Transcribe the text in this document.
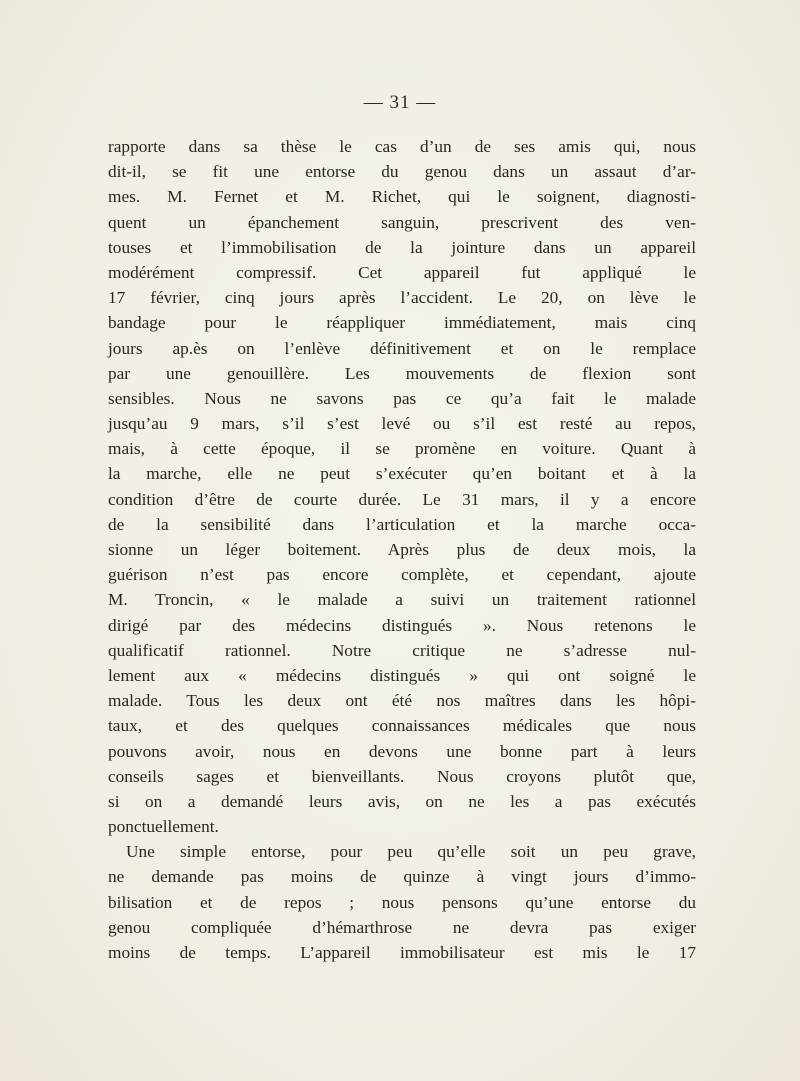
— 31 —
rapporte dans sa thèse le cas d’un de ses amis qui, nous
dit-il, se fit une entorse du genou dans un assaut d’ar-
mes. M. Fernet et M. Richet, qui le soignent, diagnosti-
quent un épanchement sanguin, prescrivent des ven-
touses et l’immobilisation de la jointure dans un appareil
modérément compressif. Cet appareil fut appliqué le
17 février, cinq jours après l’accident. Le 20, on lève le
bandage pour le réappliquer immédiatement, mais cinq
jours ap.ès on l’enlève définitivement et on le remplace
par une genouillère. Les mouvements de flexion sont
sensibles. Nous ne savons pas ce qu’a fait le malade
jusqu’au 9 mars, s’il s’est levé ou s’il est resté au repos,
mais, à cette époque, il se promène en voiture. Quant à
la marche, elle ne peut s’exécuter qu’en boitant et à la
condition d’être de courte durée. Le 31 mars, il y a encore
de la sensibilité dans l’articulation et la marche occa-
sionne un léger boitement. Après plus de deux mois, la
guérison n’est pas encore complète, et cependant, ajoute
M. Troncin, « le malade a suivi un traitement rationnel
dirigé par des médecins distingués ». Nous retenons le
qualificatif rationnel. Notre critique ne s’adresse nul-
lement aux « médecins distingués » qui ont soigné le
malade. Tous les deux ont été nos maîtres dans les hôpi-
taux, et des quelques connaissances médicales que nous
pouvons avoir, nous en devons une bonne part à leurs
conseils sages et bienveillants. Nous croyons plutôt que,
si on a demandé leurs avis, on ne les a pas exécutés
ponctuellement.
Une simple entorse, pour peu qu’elle soit un peu grave,
ne demande pas moins de quinze à vingt jours d’immo-
bilisation et de repos ; nous pensons qu’une entorse du
genou compliquée d’hémarthrose ne devra pas exiger
moins de temps. L’appareil immobilisateur est mis le 17
